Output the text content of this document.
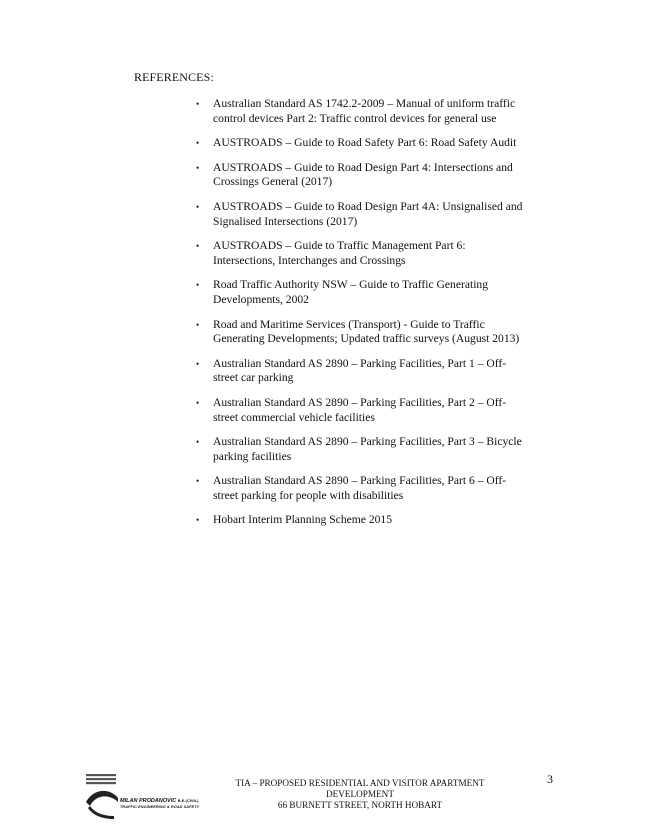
REFERENCES:
• Australian Standard AS 1742.2-2009 – Manual of uniform traffic control devices Part 2: Traffic control devices for general use
• AUSTROADS – Guide to Road Safety Part 6: Road Safety Audit
• AUSTROADS – Guide to Road Design Part 4: Intersections and Crossings General (2017)
• AUSTROADS – Guide to Road Design Part 4A: Unsignalised and Signalised Intersections (2017)
• AUSTROADS – Guide to Traffic Management Part 6: Intersections, Interchanges and Crossings
• Road Traffic Authority NSW – Guide to Traffic Generating Developments, 2002
• Road and Maritime Services (Transport) - Guide to Traffic Generating Developments; Updated traffic surveys (August 2013)
• Australian Standard AS 2890 – Parking Facilities, Part 1 – Off-street car parking
• Australian Standard AS 2890 – Parking Facilities, Part 2 – Off-street commercial vehicle facilities
• Australian Standard AS 2890 – Parking Facilities, Part 3 – Bicycle parking facilities
• Australian Standard AS 2890 – Parking Facilities, Part 6 – Off-street parking for people with disabilities
• Hobart Interim Planning Scheme 2015
MILAN PRODANOVIC B.E.(CIVIL)
TRAFFIC ENGINEERING & ROAD SAFETY
TIA – PROPOSED RESIDENTIAL AND VISITOR APARTMENT
DEVELOPMENT
66 BURNETT STREET, NORTH HOBART
3
